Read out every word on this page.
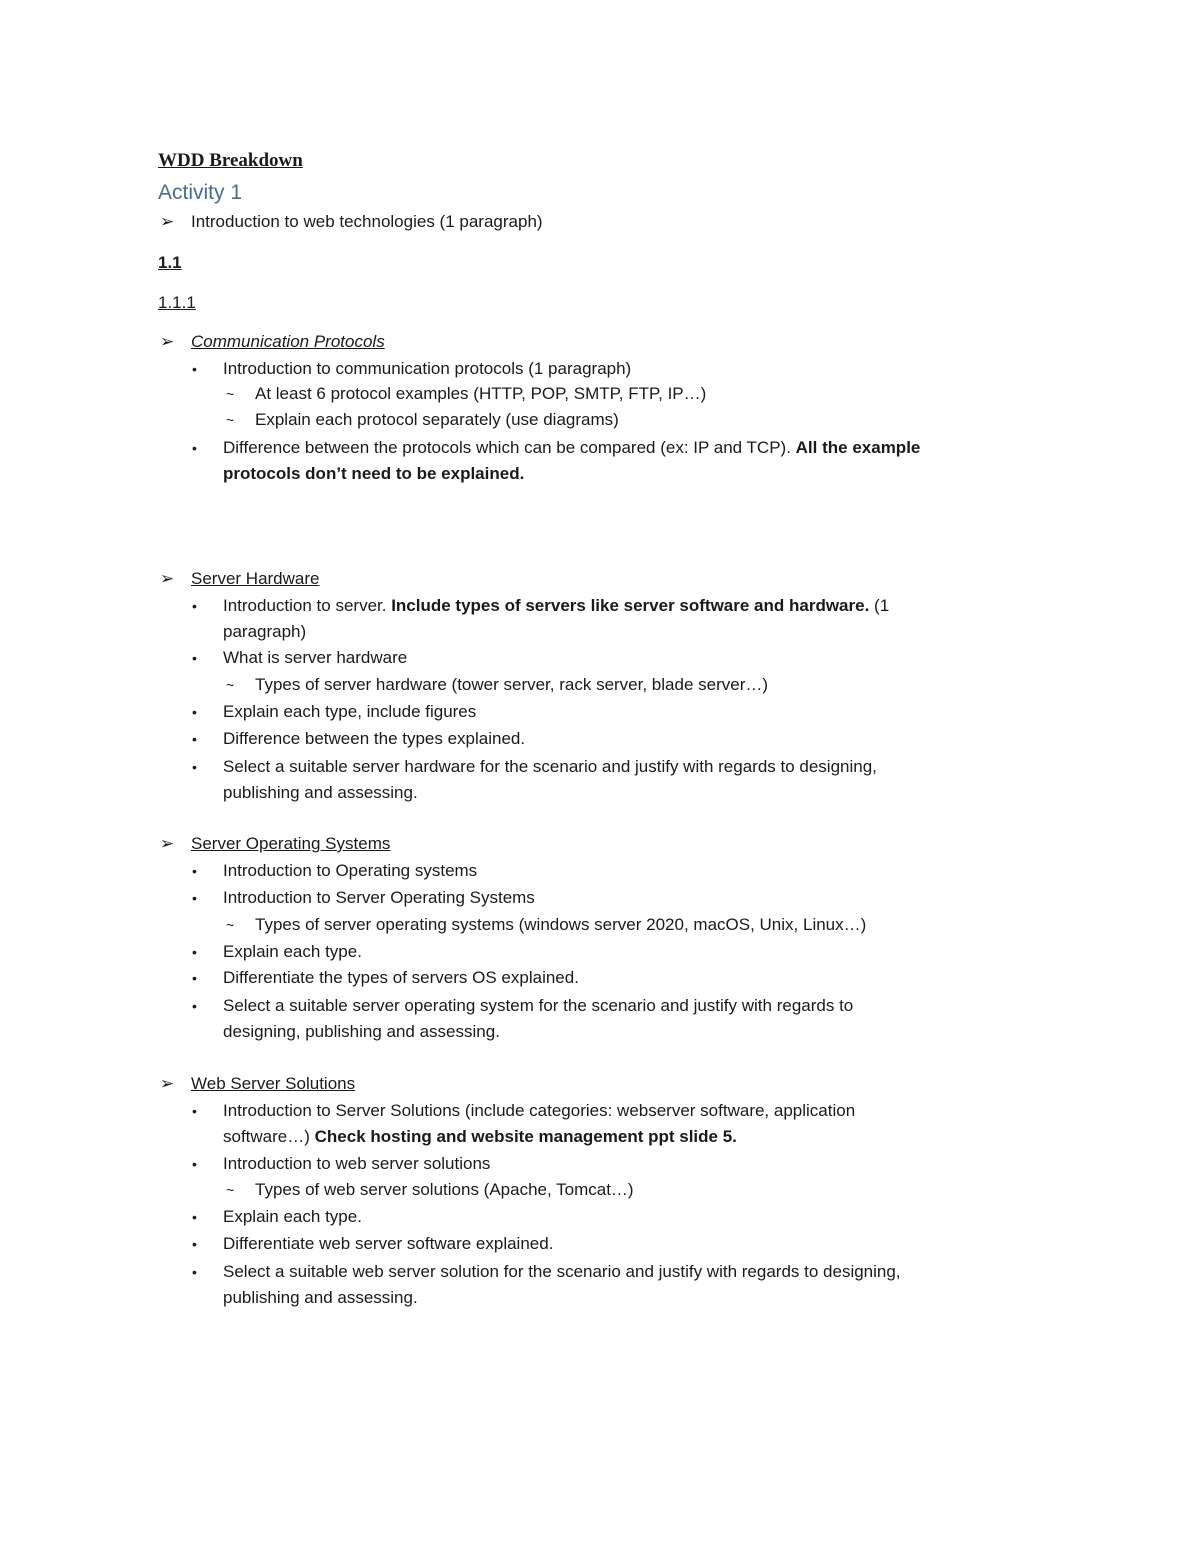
WDD Breakdown
Activity 1
➢ Introduction to web technologies (1 paragraph)
1.1
1.1.1
➢ Communication Protocols
• Introduction to communication protocols (1 paragraph)
~ At least 6 protocol examples (HTTP, POP, SMTP, FTP, IP…)
~ Explain each protocol separately (use diagrams)
• Difference between the protocols which can be compared (ex: IP and TCP). All the example
protocols don’t need to be explained.
➢ Server Hardware
• Introduction to server. Include types of servers like server software and hardware. (1
paragraph)
• What is server hardware
~ Types of server hardware (tower server, rack server, blade server…)
• Explain each type, include figures
• Difference between the types explained.
• Select a suitable server hardware for the scenario and justify with regards to designing,
publishing and assessing.
➢ Server Operating Systems
• Introduction to Operating systems
• Introduction to Server Operating Systems
~ Types of server operating systems (windows server 2020, macOS, Unix, Linux…)
• Explain each type.
• Differentiate the types of servers OS explained.
• Select a suitable server operating system for the scenario and justify with regards to
designing, publishing and assessing.
➢ Web Server Solutions
• Introduction to Server Solutions (include categories: webserver software, application
software…) Check hosting and website management ppt slide 5.
• Introduction to web server solutions
~ Types of web server solutions (Apache, Tomcat…)
• Explain each type.
• Differentiate web server software explained.
• Select a suitable web server solution for the scenario and justify with regards to designing,
publishing and assessing.
